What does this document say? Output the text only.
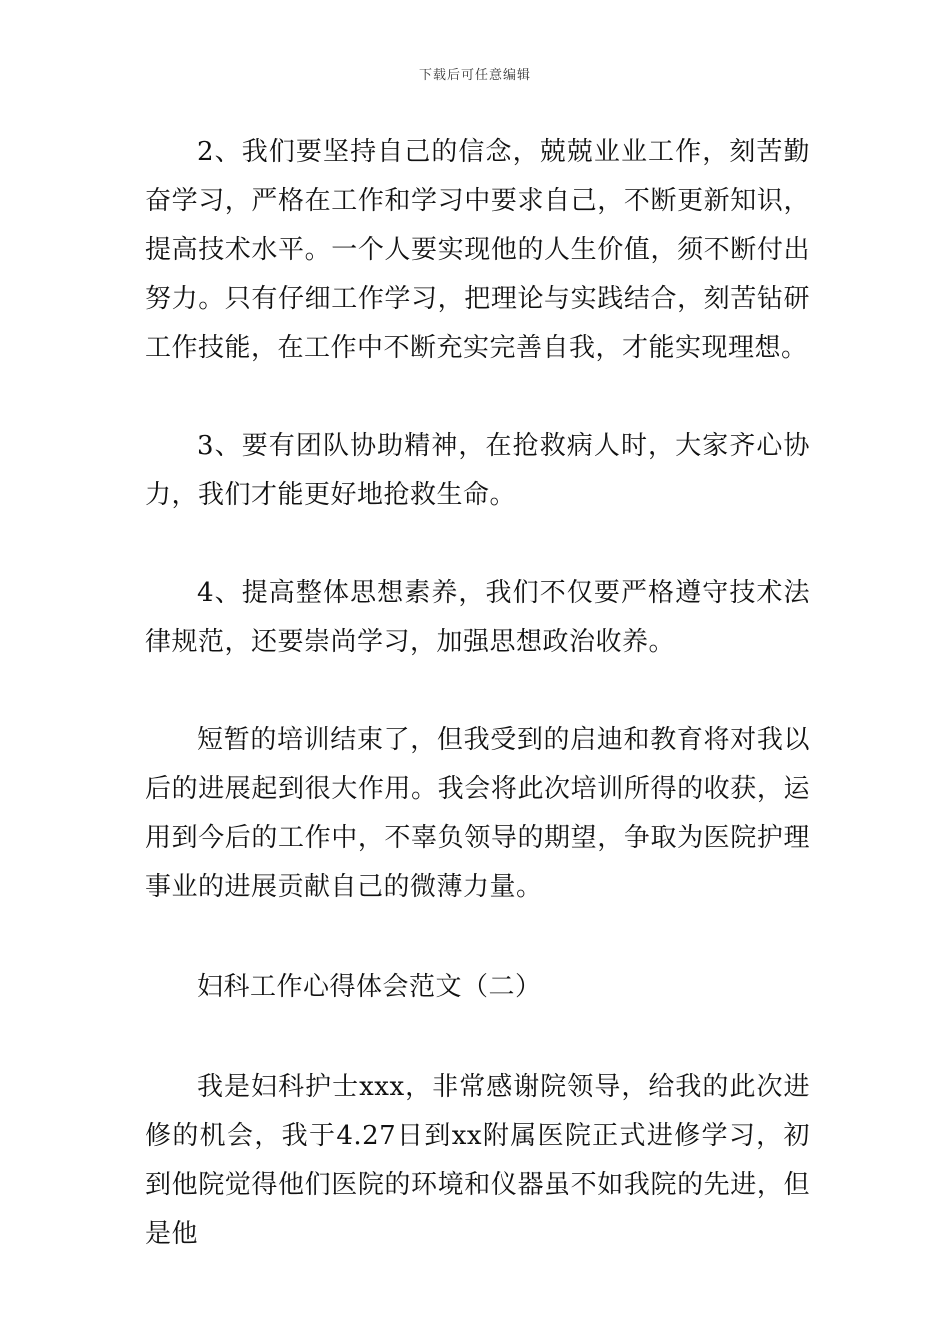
下载后可任意编辑

2、我们要坚持自己的信念，兢兢业业工作，刻苦勤奋学习，严格在工作和学习中要求自己，不断更新知识，提高技术水平。一个人要实现他的人生价值，须不断付出努力。只有仔细工作学习，把理论与实践结合，刻苦钻研工作技能，在工作中不断充实完善自我，才能实现理想。

3、要有团队协助精神，在抢救病人时，大家齐心协力，我们才能更好地抢救生命。

4、提高整体思想素养，我们不仅要严格遵守技术法律规范，还要崇尚学习，加强思想政治收养。

短暂的培训结束了，但我受到的启迪和教育将对我以后的进展起到很大作用。我会将此次培训所得的收获，运用到今后的工作中，不辜负领导的期望，争取为医院护理事业的进展贡献自己的微薄力量。

妇科工作心得体会范文（二）

我是妇科护士xxx，非常感谢院领导，给我的此次进修的机会，我于4.27日到xx附属医院正式进修学习，初到他院觉得他们医院的环境和仪器虽不如我院的先进，但是他
